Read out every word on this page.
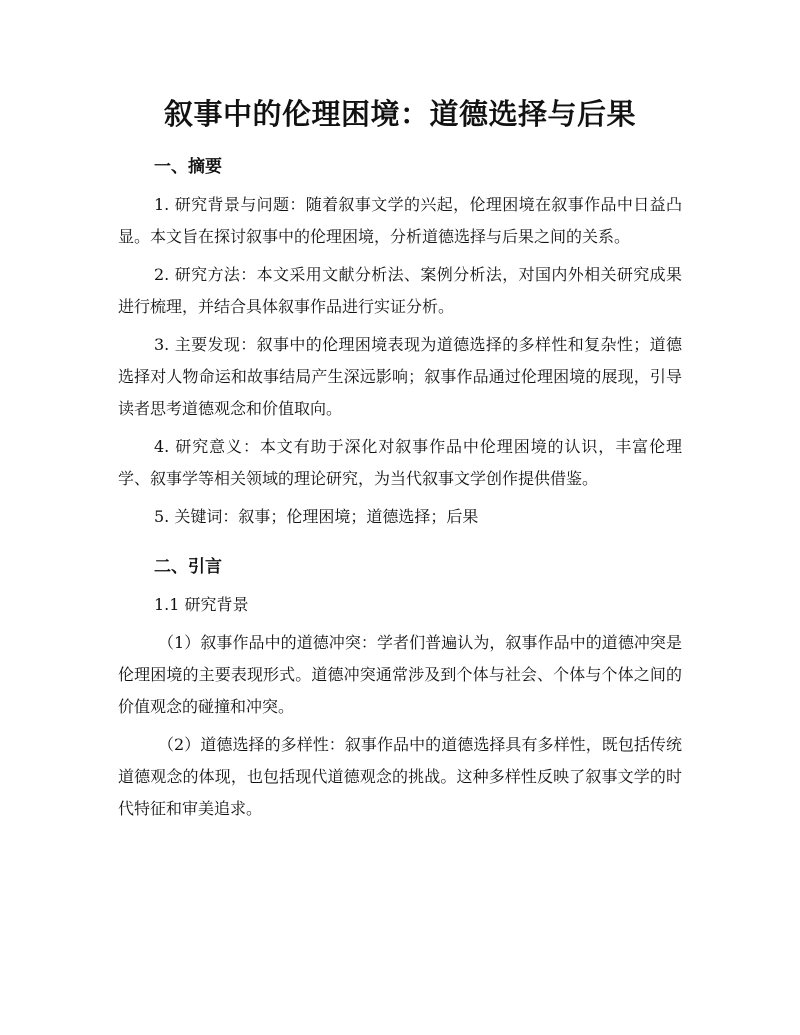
叙事中的伦理困境：道德选择与后果
一、摘要

1. 研究背景与问题：随着叙事文学的兴起，伦理困境在叙事作品中日益凸显。本文旨在探讨叙事中的伦理困境，分析道德选择与后果之间的关系。

2. 研究方法：本文采用文献分析法、案例分析法，对国内外相关研究成果进行梳理，并结合具体叙事作品进行实证分析。

3. 主要发现：叙事中的伦理困境表现为道德选择的多样性和复杂性；道德选择对人物命运和故事结局产生深远影响；叙事作品通过伦理困境的展现，引导读者思考道德观念和价值取向。

4. 研究意义：本文有助于深化对叙事作品中伦理困境的认识，丰富伦理学、叙事学等相关领域的理论研究，为当代叙事文学创作提供借鉴。

5. 关键词：叙事；伦理困境；道德选择；后果

二、引言
1.1 研究背景

（1）叙事作品中的道德冲突：学者们普遍认为，叙事作品中的道德冲突是伦理困境的主要表现形式。道德冲突通常涉及到个体与社会、个体与个体之间的价值观念的碰撞和冲突。

（2）道德选择的多样性：叙事作品中的道德选择具有多样性，既包括传统道德观念的体现，也包括现代道德观念的挑战。这种多样性反映了叙事文学的时代特征和审美追求。
